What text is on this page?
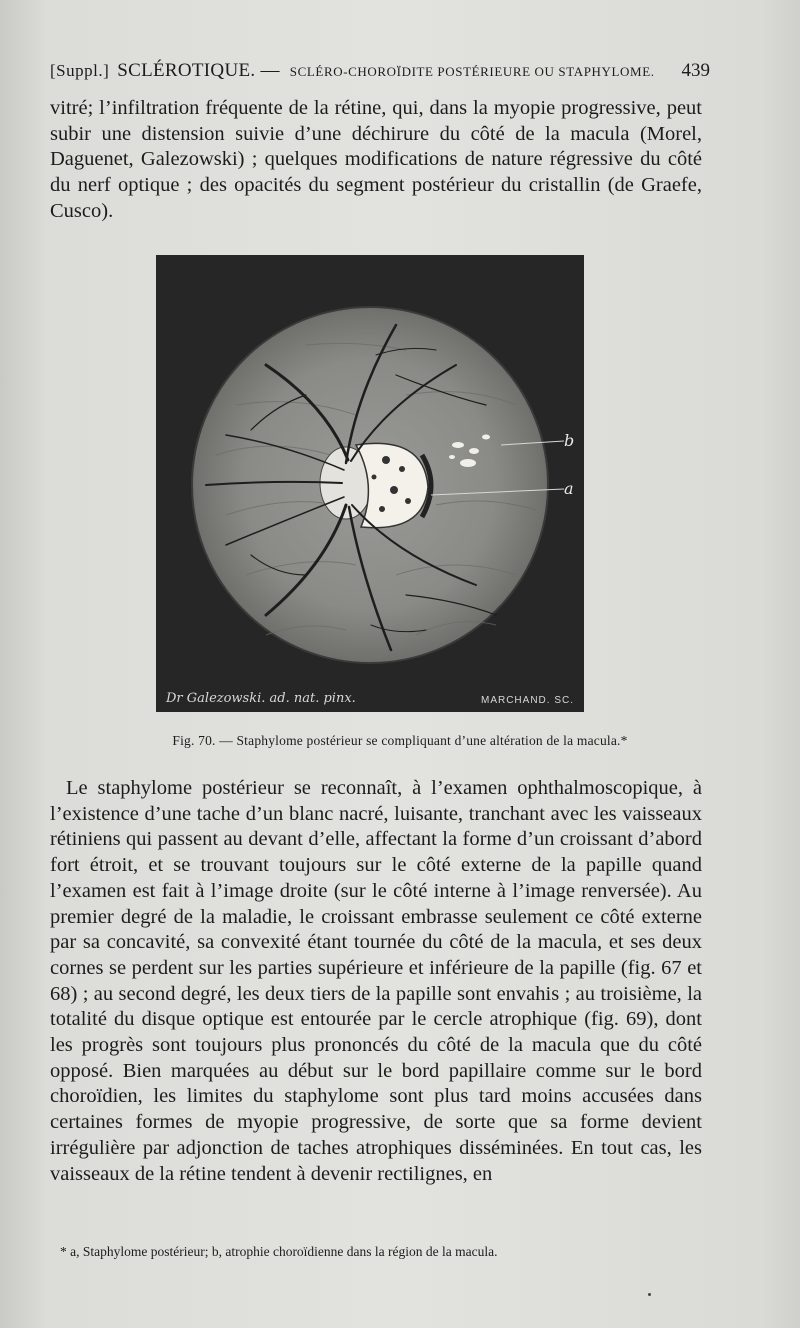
[Suppl.] SCLÉROTIQUE. — SCLÉRO-CHOROÏDITE POSTÉRIEURE OU STAPHYLOME. 439

vitré; l’infiltration fréquente de la rétine, qui, dans la myopie progressive, peut subir une distension suivie d’une déchirure du côté de la macula (Morel, Daguenet, Galezowski) ; quelques modifications de nature régressive du côté du nerf optique ; des opacités du segment postérieur du cristallin (de Graefe, Cusco).

b
a
Dr Galezowski. ad. nat. pinx.	MARCHAND. SC.
Fig. 70. — Staphylome postérieur se compliquant d’une altération de la macula.*

Le staphylome postérieur se reconnaît, à l’examen ophthalmoscopique, à l’existence d’une tache d’un blanc nacré, luisante, tranchant avec les vaisseaux rétiniens qui passent au devant d’elle, affectant la forme d’un croissant d’abord fort étroit, et se trouvant toujours sur le côté externe de la papille quand l’examen est fait à l’image droite (sur le côté interne à l’image renversée). Au premier degré de la maladie, le croissant embrasse seulement ce côté externe par sa concavité, sa convexité étant tournée du côté de la macula, et ses deux cornes se perdent sur les parties supérieure et inférieure de la papille (fig. 67 et 68) ; au second degré, les deux tiers de la papille sont envahis ; au troisième, la totalité du disque optique est entourée par le cercle atrophique (fig. 69), dont les progrès sont toujours plus prononcés du côté de la macula que du côté opposé. Bien marquées au début sur le bord papillaire comme sur le bord choroïdien, les limites du staphylome sont plus tard moins accusées dans certaines formes de myopie progressive, de sorte que sa forme devient irrégulière par adjonction de taches atrophiques disséminées. En tout cas, les vaisseaux de la rétine tendent à devenir rectilignes, en

* a, Staphylome postérieur; b, atrophie choroïdienne dans la région de la macula.
